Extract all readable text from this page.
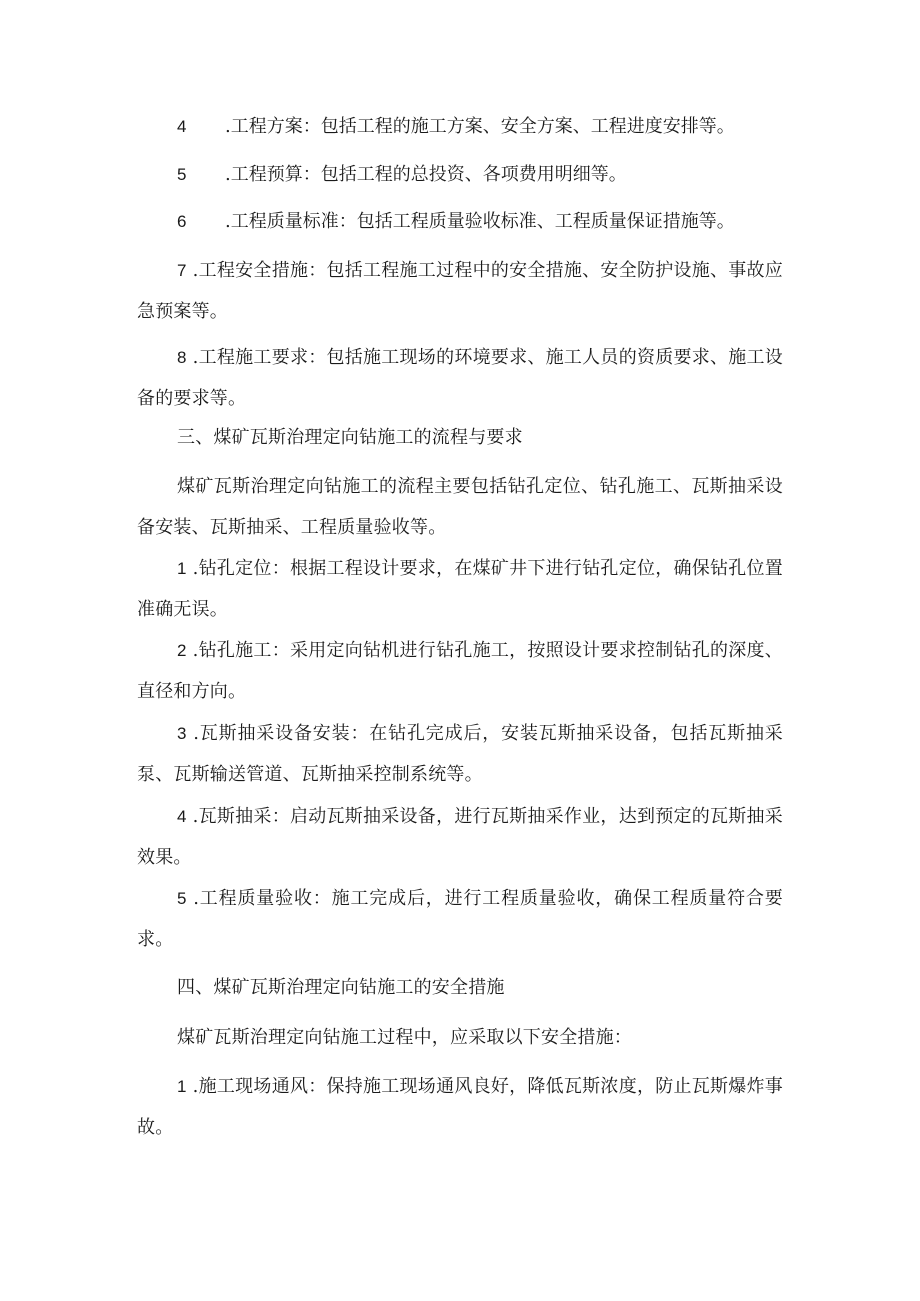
4 .工程方案：包括工程的施工方案、安全方案、工程进度安排等。
5 .工程预算：包括工程的总投资、各项费用明细等。
6 .工程质量标准：包括工程质量验收标准、工程质量保证措施等。

7 .工程安全措施：包括工程施工过程中的安全措施、安全防护设施、事故应急预案等。

8 .工程施工要求：包括施工现场的环境要求、施工人员的资质要求、施工设备的要求等。

三、煤矿瓦斯治理定向钻施工的流程与要求

煤矿瓦斯治理定向钻施工的流程主要包括钻孔定位、钻孔施工、瓦斯抽采设备安装、瓦斯抽采、工程质量验收等。

1 .钻孔定位：根据工程设计要求，在煤矿井下进行钻孔定位，确保钻孔位置准确无误。

2 .钻孔施工：采用定向钻机进行钻孔施工，按照设计要求控制钻孔的深度、直径和方向。

3 .瓦斯抽采设备安装：在钻孔完成后，安装瓦斯抽采设备，包括瓦斯抽采泵、瓦斯输送管道、瓦斯抽采控制系统等。

4 .瓦斯抽采：启动瓦斯抽采设备，进行瓦斯抽采作业，达到预定的瓦斯抽采效果。

5 .工程质量验收：施工完成后，进行工程质量验收，确保工程质量符合要求。

四、煤矿瓦斯治理定向钻施工的安全措施

煤矿瓦斯治理定向钻施工过程中，应采取以下安全措施：

1 .施工现场通风：保持施工现场通风良好，降低瓦斯浓度，防止瓦斯爆炸事故。
